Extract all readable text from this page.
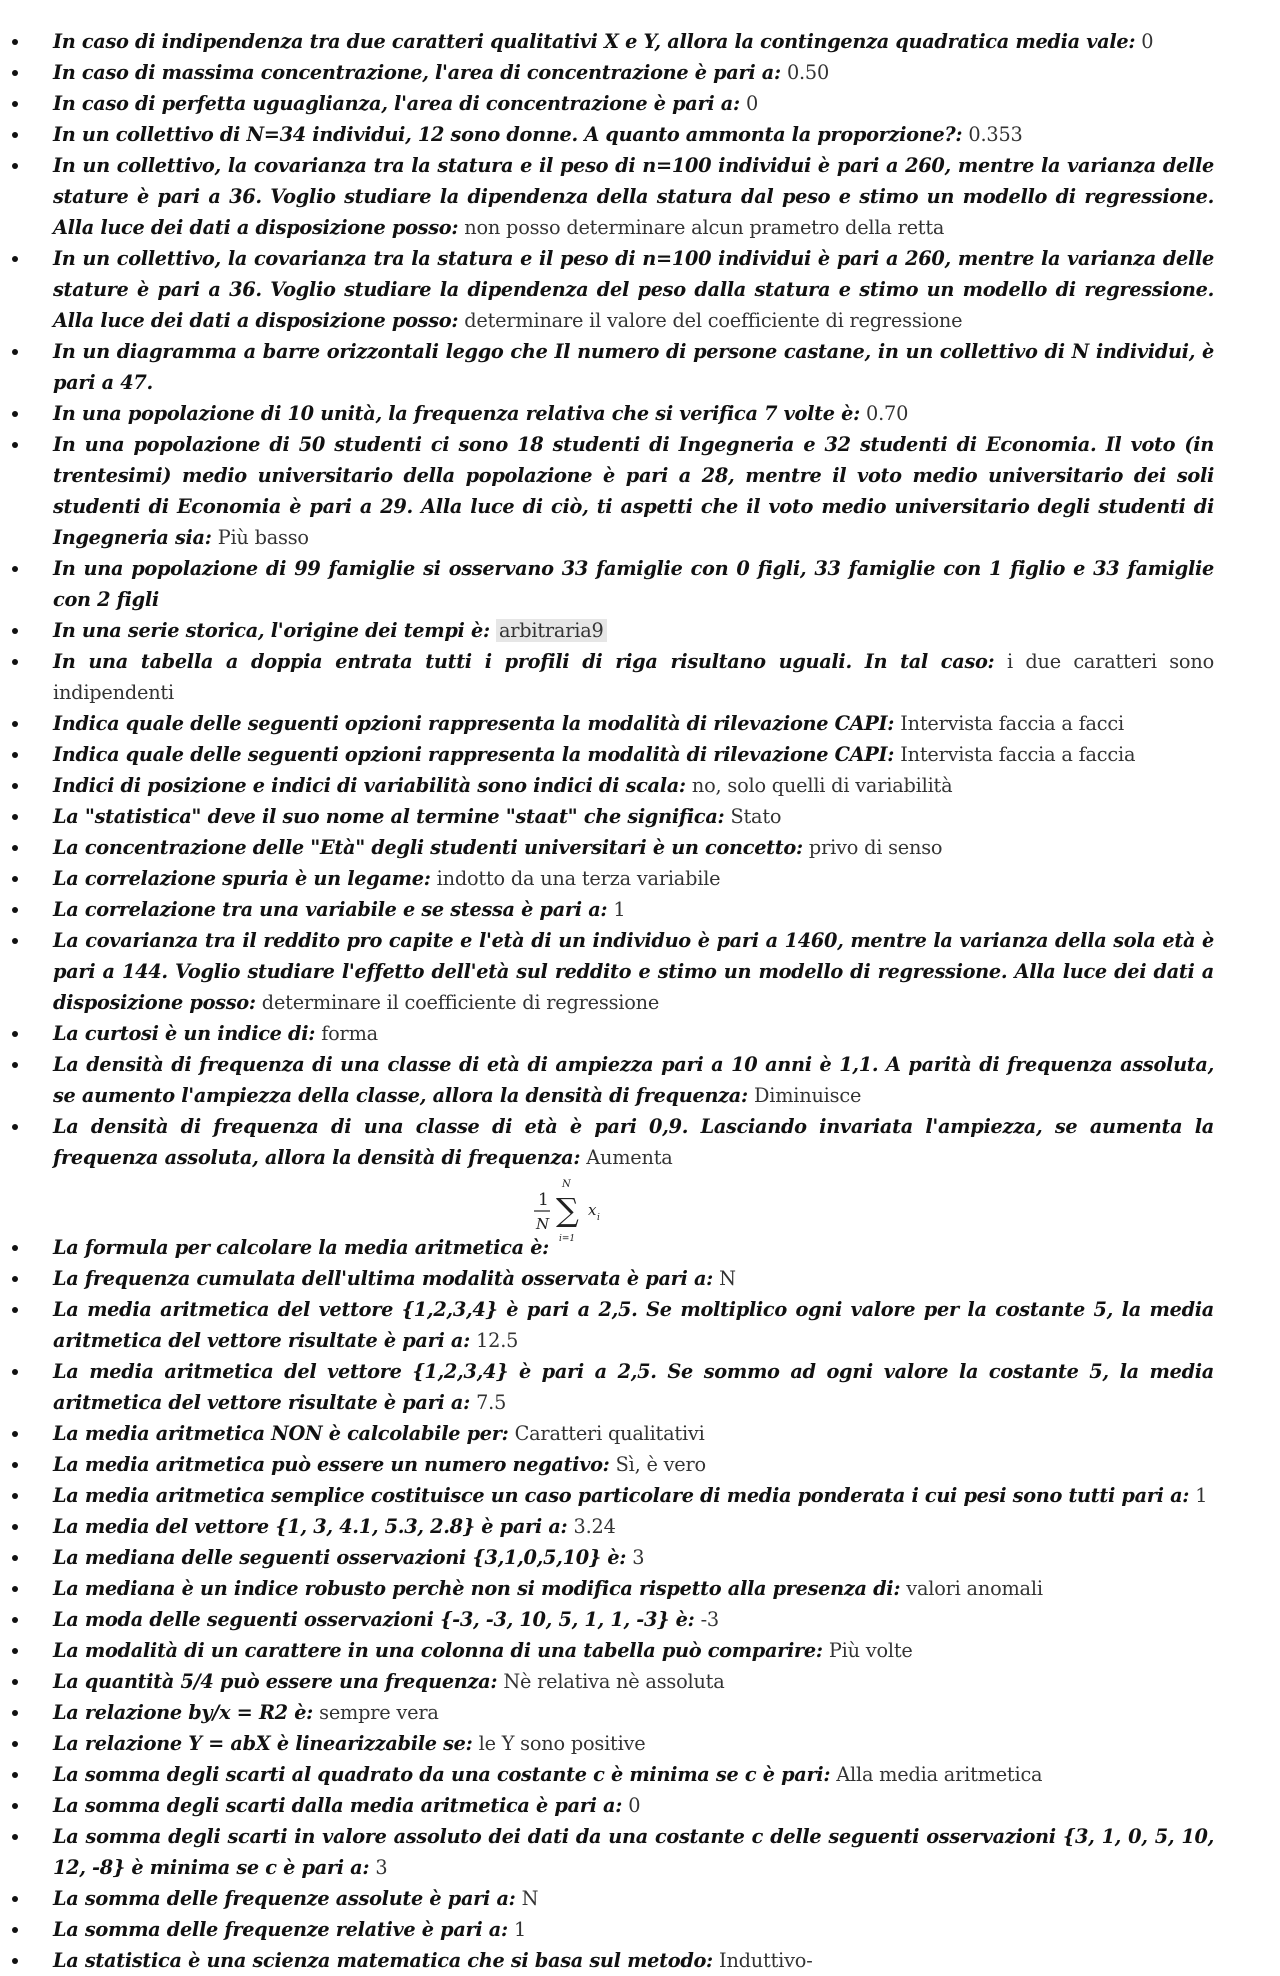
In caso di indipendenza tra due caratteri qualitativi X e Y, allora la contingenza quadratica media vale: 0
In caso di massima concentrazione, l'area di concentrazione è pari a: 0.50
In caso di perfetta uguaglianza, l'area di concentrazione è pari a: 0
In un collettivo di N=34 individui, 12 sono donne. A quanto ammonta la proporzione?: 0.353
In un collettivo, la covarianza tra la statura e il peso di n=100 individui è pari a 260, mentre la varianza delle stature è pari a 36. Voglio studiare la dipendenza della statura dal peso e stimo un modello di regressione. Alla luce dei dati a disposizione posso: non posso determinare alcun prametro della retta
In un collettivo, la covarianza tra la statura e il peso di n=100 individui è pari a 260, mentre la varianza delle stature è pari a 36. Voglio studiare la dipendenza del peso dalla statura e stimo un modello di regressione. Alla luce dei dati a disposizione posso: determinare il valore del coefficiente di regressione
In un diagramma a barre orizzontali leggo che Il numero di persone castane, in un collettivo di N individui, è pari a 47.
In una popolazione di 10 unità, la frequenza relativa che si verifica 7 volte è: 0.70
In una popolazione di 50 studenti ci sono 18 studenti di Ingegneria e 32 studenti di Economia. Il voto (in trentesimi) medio universitario della popolazione è pari a 28, mentre il voto medio universitario dei soli studenti di Economia è pari a 29. Alla luce di ciò, ti aspetti che il voto medio universitario degli studenti di Ingegneria sia: Più basso
In una popolazione di 99 famiglie si osservano 33 famiglie con 0 figli, 33 famiglie con 1 figlio e 33 famiglie con 2 figli
In una serie storica, l'origine dei tempi è: arbitraria9
In una tabella a doppia entrata tutti i profili di riga risultano uguali. In tal caso: i due caratteri sono indipendenti
Indica quale delle seguenti opzioni rappresenta la modalità di rilevazione CAPI: Intervista faccia a facci
Indica quale delle seguenti opzioni rappresenta la modalità di rilevazione CAPI: Intervista faccia a faccia
Indici di posizione e indici di variabilità sono indici di scala: no, solo quelli di variabilità
La "statistica" deve il suo nome al termine "staat" che significa: Stato
La concentrazione delle "Età" degli studenti universitari è un concetto: privo di senso
La correlazione spuria è un legame: indotto da una terza variabile
La correlazione tra una variabile e se stessa è pari a: 1
La covarianza tra il reddito pro capite e l'età di un individuo è pari a 1460, mentre la varianza della sola età è pari a 144. Voglio studiare l'effetto dell'età sul reddito e stimo un modello di regressione. Alla luce dei dati a disposizione posso: determinare il coefficiente di regressione
La curtosi è un indice di: forma
La densità di frequenza di una classe di età di ampiezza pari a 10 anni è 1,1. A parità di frequenza assoluta, se aumento l'ampiezza della classe, allora la densità di frequenza: Diminuisce
La densità di frequenza di una classe di età è pari 0,9. Lasciando invariata l'ampiezza, se aumenta la frequenza assoluta, allora la densità di frequenza: Aumenta
1
N
N
∑
i=1
x i
La formula per calcolare la media aritmetica è:
La frequenza cumulata dell'ultima modalità osservata è pari a: N
La media aritmetica del vettore {1,2,3,4} è pari a 2,5. Se moltiplico ogni valore per la costante 5, la media aritmetica del vettore risultate è pari a: 12.5
La media aritmetica del vettore {1,2,3,4} è pari a 2,5. Se sommo ad ogni valore la costante 5, la media aritmetica del vettore risultate è pari a: 7.5
La media aritmetica NON è calcolabile per: Caratteri qualitativi
La media aritmetica può essere un numero negativo: Sì, è vero
La media aritmetica semplice costituisce un caso particolare di media ponderata i cui pesi sono tutti pari a: 1
La media del vettore {1, 3, 4.1, 5.3, 2.8} è pari a: 3.24
La mediana delle seguenti osservazioni {3,1,0,5,10} è: 3
La mediana è un indice robusto perchè non si modifica rispetto alla presenza di: valori anomali
La moda delle seguenti osservazioni {-3, -3, 10, 5, 1, 1, -3} è: -3
La modalità di un carattere in una colonna di una tabella può comparire: Più volte
La quantità 5/4 può essere una frequenza: Nè relativa nè assoluta
La relazione by/x = R2 è: sempre vera
La relazione Y = abX è linearizzabile se: le Y sono positive
La somma degli scarti al quadrato da una costante c è minima se c è pari: Alla media aritmetica
La somma degli scarti dalla media aritmetica è pari a: 0
La somma degli scarti in valore assoluto dei dati da una costante c delle seguenti osservazioni {3, 1, 0, 5, 10, 12, -8} è minima se c è pari a: 3
La somma delle frequenze assolute è pari a: N
La somma delle frequenze relative è pari a: 1
La statistica è una scienza matematica che si basa sul metodo: Induttivo-
